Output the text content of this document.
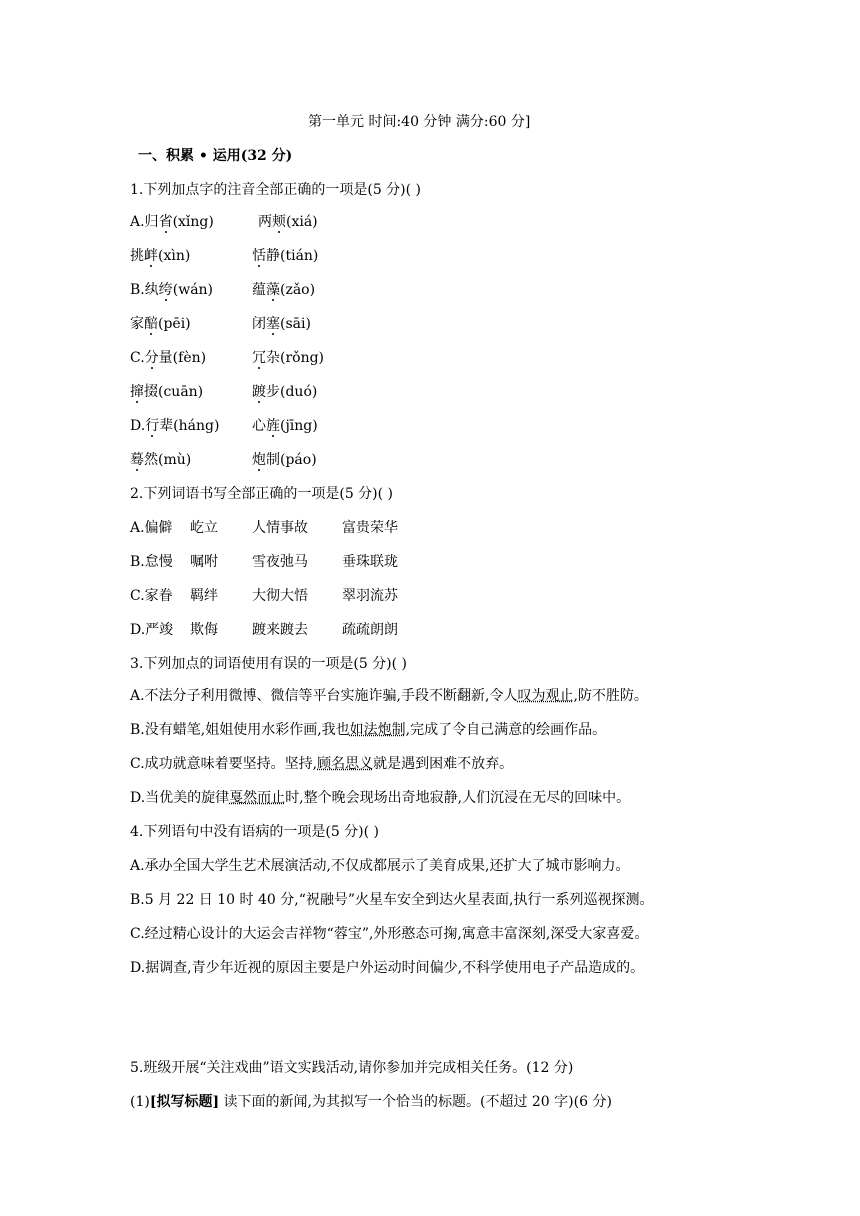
第一单元 时间:40 分钟 满分:60 分]
一、积累 • 运用(32 分)
1.下列加点字的注音全部正确的一项是(5 分)( )
A.归省(xǐng)	两颊(xiá)
挑衅(xìn)	恬静(tián)
B.纨绔(wán)	蕴藻(zǎo)
家醅(pēi)	闭塞(sāi)
C.分量(fèn)	冗杂(rǒng)
撺掇(cuān)	踱步(duó)
D.行辈(háng) 心旌(jīng)
蓦然(mù)	炮制(páo)
2.下列词语书写全部正确的一项是(5 分)( )
A.偏僻 屹立 人情事故 富贵荣华
B.怠慢 嘱咐 雪夜弛马 垂珠联珑
C.家眷 羁绊 大彻大悟 翠羽流苏
D.严竣 欺侮 踱来踱去 疏疏朗朗
3.下列加点的词语使用有误的一项是(5 分)( )
A.不法分子利用微博、微信等平台实施诈骗,手段不断翻新,令人叹为观止,防不胜防。
B.没有蜡笔,姐姐使用水彩作画,我也如法炮制,完成了令自己满意的绘画作品。
C.成功就意味着要坚持。坚持,顾名思义就是遇到困难不放弃。
D.当优美的旋律戛然而止时,整个晚会现场出奇地寂静,人们沉浸在无尽的回味中。
4.下列语句中没有语病的一项是(5 分)( )
A.承办全国大学生艺术展演活动,不仅成都展示了美育成果,还扩大了城市影响力。
B.5 月 22 日 10 时 40 分,“祝融号”火星车安全到达火星表面,执行一系列巡视探测。
C.经过精心设计的大运会吉祥物“蓉宝”,外形憨态可掬,寓意丰富深刻,深受大家喜爱。
D.据调查,青少年近视的原因主要是户外运动时间偏少,不科学使用电子产品造成的。
5.班级开展“关注戏曲”语文实践活动,请你参加并完成相关任务。(12 分)
(1)[拟写标题] 读下面的新闻,为其拟写一个恰当的标题。(不超过 20 字)(6 分)
